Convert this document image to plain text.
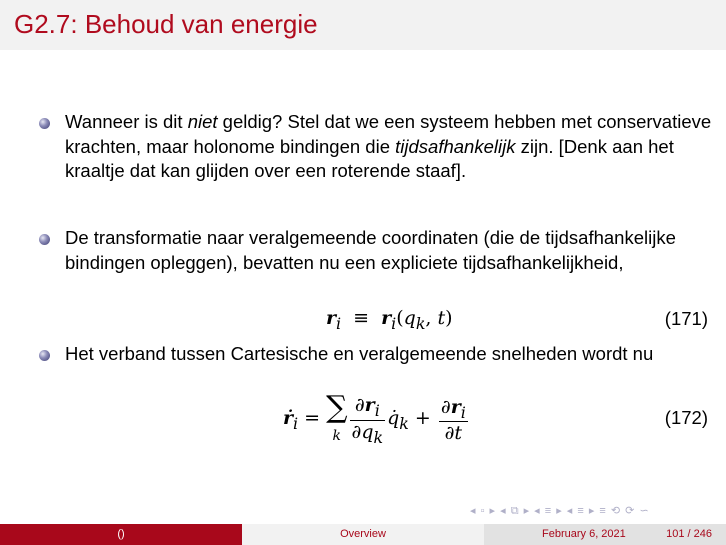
G2.7: Behoud van energie
Wanneer is dit niet geldig? Stel dat we een systeem hebben met conservatieve krachten, maar holonome bindingen die tijdsafhankelijk zijn. [Denk aan het kraaltje dat kan glijden over een roterende staaf].
De transformatie naar veralgemeende coordinaten (die de tijdsafhankelijke bindingen opleggen), bevatten nu een expliciete tijdsafhankelijkheid,
$r_i \equiv r_i(q_k$, t)	(171)
Het verband tussen Cartesische en veralgemeende snelheden wordt nu
ṙ$_i$ = ∑
k $\frac{\partial r_i}{\partial q_k}$ $q̇_k + \frac{\partial r_i}{\partial t}$	(172)
◂ ▫ ▸ ◂ ⧉ ▸ ◂ ≡ ▸ ◂ ≡ ▸ ≡ ⟲ ⟳ ∽
()	Overview	February 6, 2021	101 / 246
